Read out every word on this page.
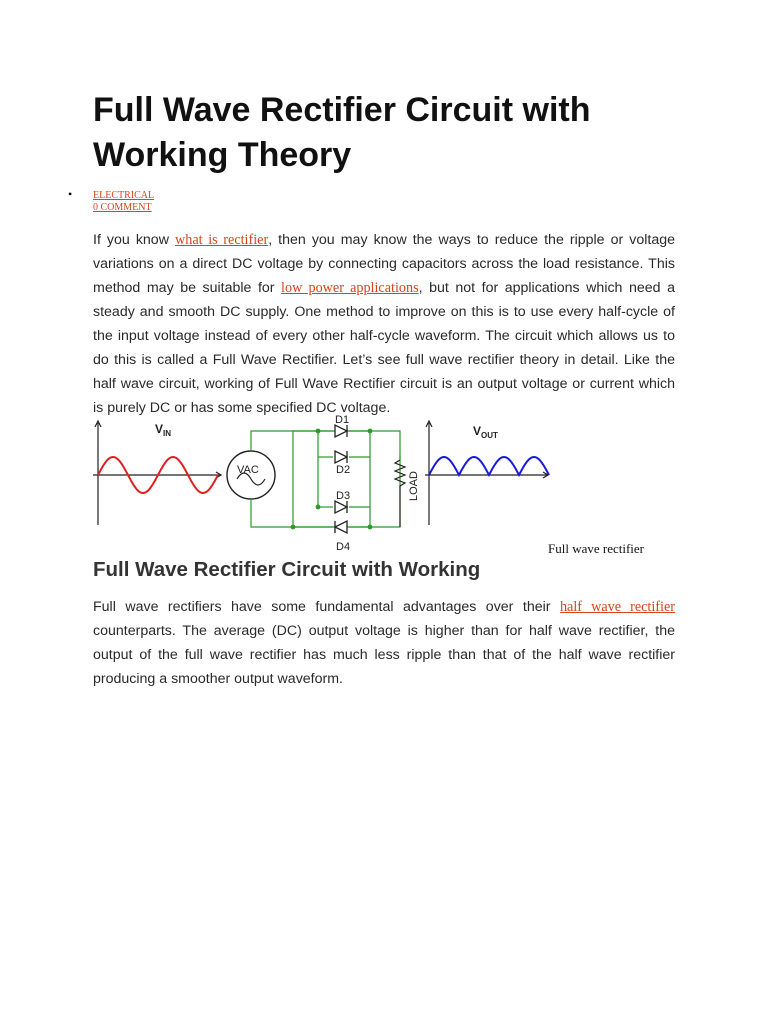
Full Wave Rectifier Circuit with Working Theory
• ELECTRICAL
0 COMMENT

If you know what is rectifier, then you may know the ways to reduce the ripple or voltage variations on a direct DC voltage by connecting capacitors across the load resistance. This method may be suitable for low power applications, but not for applications which need a steady and smooth DC supply. One method to improve on this is to use every half-cycle of the input voltage instead of every other half-cycle waveform. The circuit which allows us to do this is called a Full Wave Rectifier. Let’s see full wave rectifier theory in detail. Like the half wave circuit, working of Full Wave Rectifier circuit is an output voltage or current which is purely DC or has some specified DC voltage.

Full Wave Rectifier Circuit with Working

Full wave rectifiers have some fundamental advantages over their half wave rectifier counterparts. The average (DC) output voltage is higher than for half wave rectifier, the output of the full wave rectifier has much less ripple than that of the half wave rectifier producing a smoother output waveform.

$V_{IN}$
VAC
D1
D2
D3
D4
LOAD
$V_{OUT}$
Full wave rectifier
